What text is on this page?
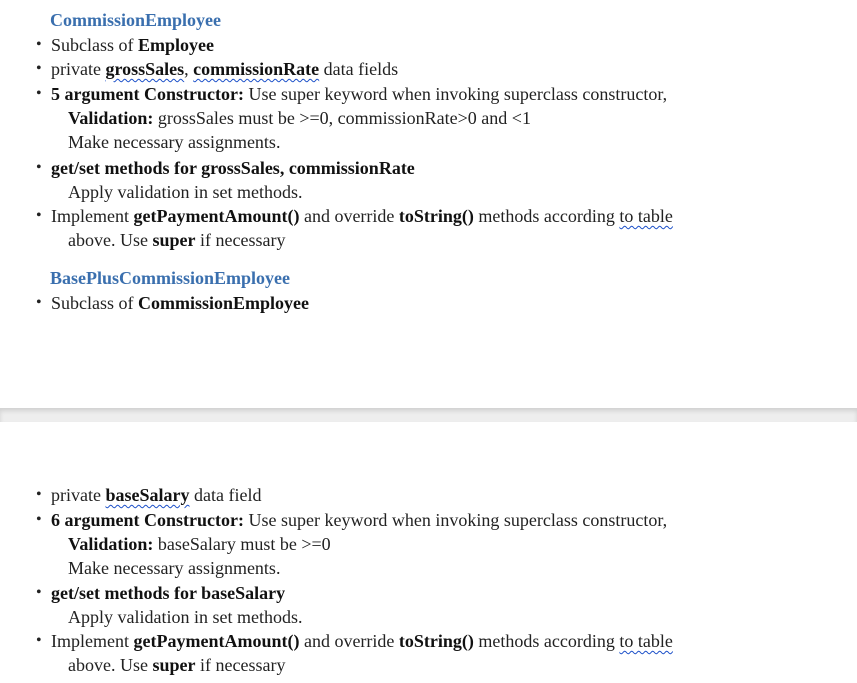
CommissionEmployee
• Subclass of Employee
• private grossSales, commissionRate data fields
• 5 argument Constructor: Use super keyword when invoking superclass constructor,
Validation: grossSales must be >=0, commissionRate>0 and <1
Make necessary assignments.
• get/set methods for grossSales, commissionRate
Apply validation in set methods.
• Implement getPaymentAmount() and override toString() methods according to table
above. Use super if necessary
BasePlusCommissionEmployee
• Subclass of CommissionEmployee
• private baseSalary data field
• 6 argument Constructor: Use super keyword when invoking superclass constructor,
Validation: baseSalary must be >=0
Make necessary assignments.
• get/set methods for baseSalary
Apply validation in set methods.
• Implement getPaymentAmount() and override toString() methods according to table
above. Use super if necessary
